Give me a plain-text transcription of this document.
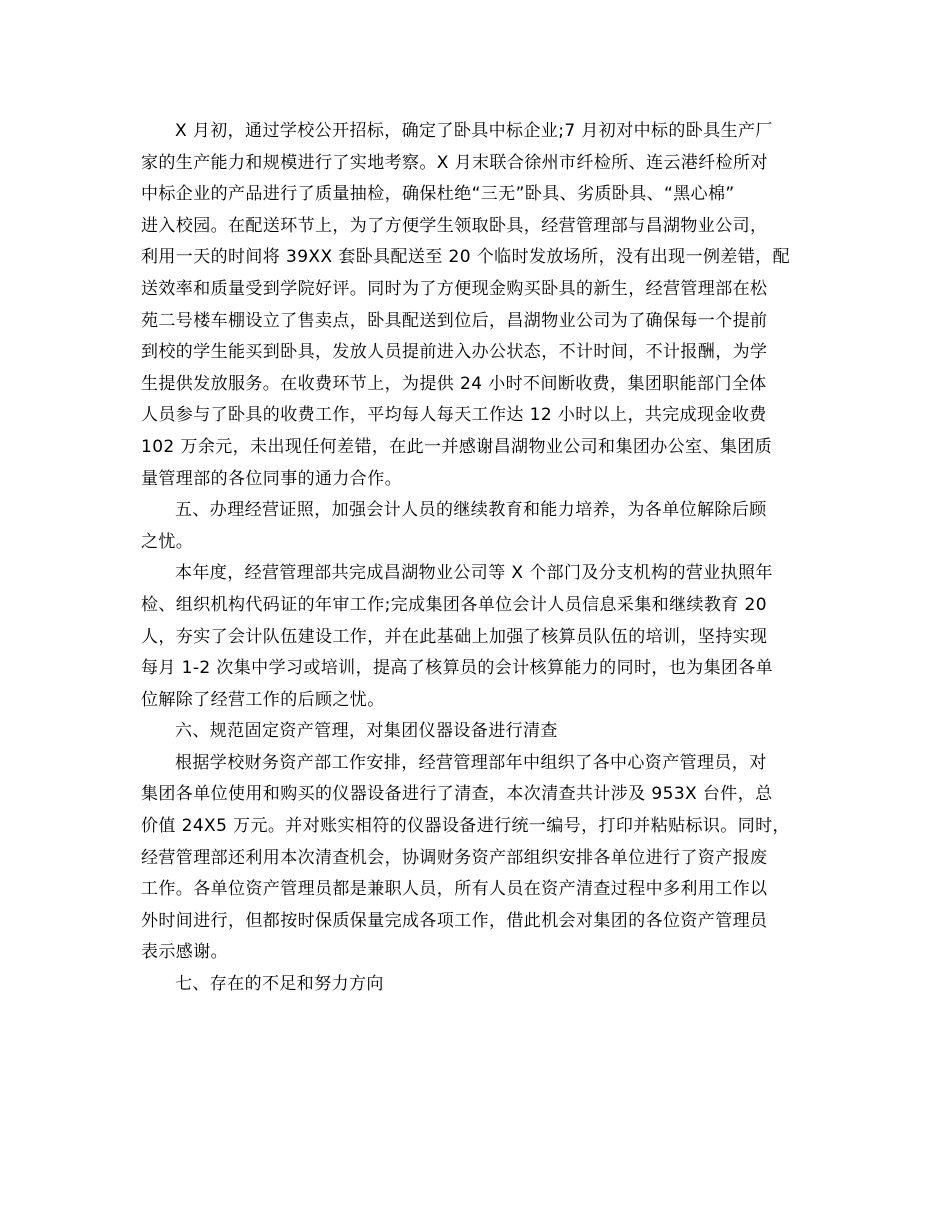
X 月初，通过学校公开招标，确定了卧具中标企业;7 月初对中标的卧具生产厂
家的生产能力和规模进行了实地考察。X 月末联合徐州市纤检所、连云港纤检所对
中标企业的产品进行了质量抽检，确保杜绝“三无”卧具、劣质卧具、“黑心棉”
进入校园。在配送环节上，为了方便学生领取卧具，经营管理部与昌湖物业公司，
利用一天的时间将 39XX 套卧具配送至 20 个临时发放场所，没有出现一例差错，配
送效率和质量受到学院好评。同时为了方便现金购买卧具的新生，经营管理部在松
苑二号楼车棚设立了售卖点，卧具配送到位后，昌湖物业公司为了确保每一个提前
到校的学生能买到卧具，发放人员提前进入办公状态，不计时间，不计报酬，为学
生提供发放服务。在收费环节上，为提供 24 小时不间断收费，集团职能部门全体
人员参与了卧具的收费工作，平均每人每天工作达 12 小时以上，共完成现金收费
102 万余元，未出现任何差错，在此一并感谢昌湖物业公司和集团办公室、集团质
量管理部的各位同事的通力合作。
五、办理经营证照，加强会计人员的继续教育和能力培养，为各单位解除后顾
之忧。
本年度，经营管理部共完成昌湖物业公司等 X 个部门及分支机构的营业执照年
检、组织机构代码证的年审工作;完成集团各单位会计人员信息采集和继续教育 20
人，夯实了会计队伍建设工作，并在此基础上加强了核算员队伍的培训，坚持实现
每月 1-2 次集中学习或培训，提高了核算员的会计核算能力的同时，也为集团各单
位解除了经营工作的后顾之忧。
六、规范固定资产管理，对集团仪器设备进行清查
根据学校财务资产部工作安排，经营管理部年中组织了各中心资产管理员，对
集团各单位使用和购买的仪器设备进行了清查，本次清查共计涉及 953X 台件，总
价值 24X5 万元。并对账实相符的仪器设备进行统一编号，打印并粘贴标识。同时，
经营管理部还利用本次清查机会，协调财务资产部组织安排各单位进行了资产报废
工作。各单位资产管理员都是兼职人员，所有人员在资产清查过程中多利用工作以
外时间进行，但都按时保质保量完成各项工作，借此机会对集团的各位资产管理员
表示感谢。
七、存在的不足和努力方向
